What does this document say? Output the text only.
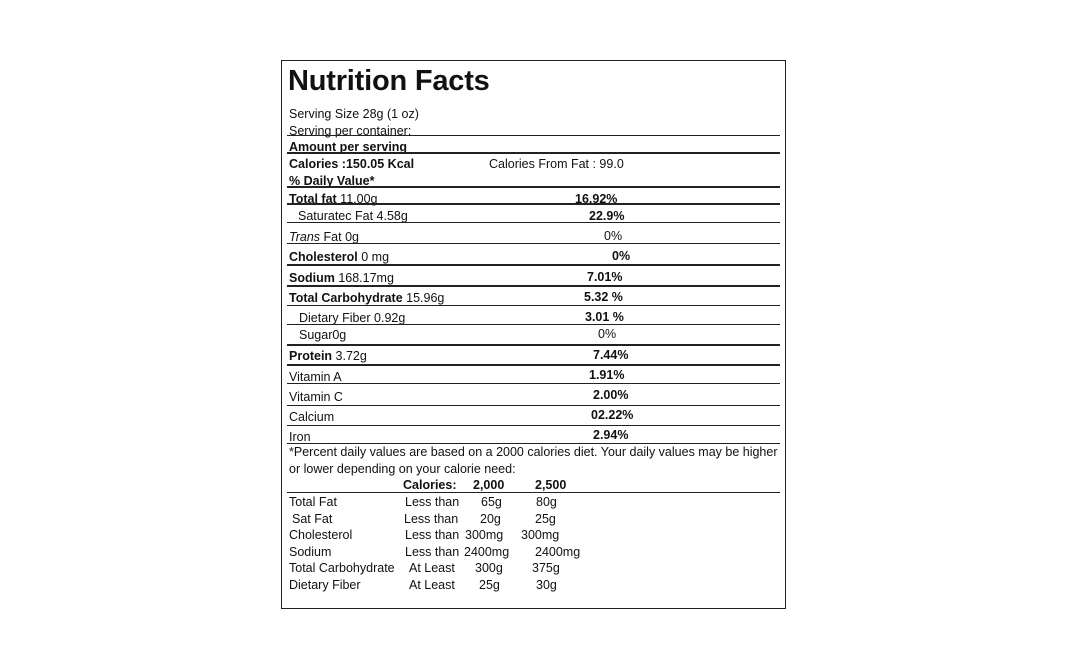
Nutrition Facts
Serving Size 28g (1 oz)
Serving per container:
Amount per serving
Calories :150.05 Kcal	Calories From Fat : 99.0
% Daily Value*
Total fat 11.00g	16.92%
Saturatec Fat 4.58g	22.9%
Trans Fat 0g	0%
Cholesterol 0 mg	0%
Sodium 168.17mg	7.01%
Total Carbohydrate 15.96g	5.32 %
Dietary Fiber 0.92g	3.01 %
Sugar0g	0%
Protein 3.72g	7.44%
Vitamin A	1.91%
Vitamin C	2.00%
Calcium	02.22%
Iron	2.94%
*Percent daily values are based on a 2000 calories diet. Your daily values may be higher
or lower depending on your calorie need:
Calories: 2,000 2,500
Total Fat	Less than 65g	80g
Sat Fat	Less than 20g	25g
Cholesterol	Less than 300mg 300mg
Sodium	Less than 2400mg 2400mg
Total Carbohydrate At Least 300g 375g
Dietary Fiber	At Least 25g	30g
